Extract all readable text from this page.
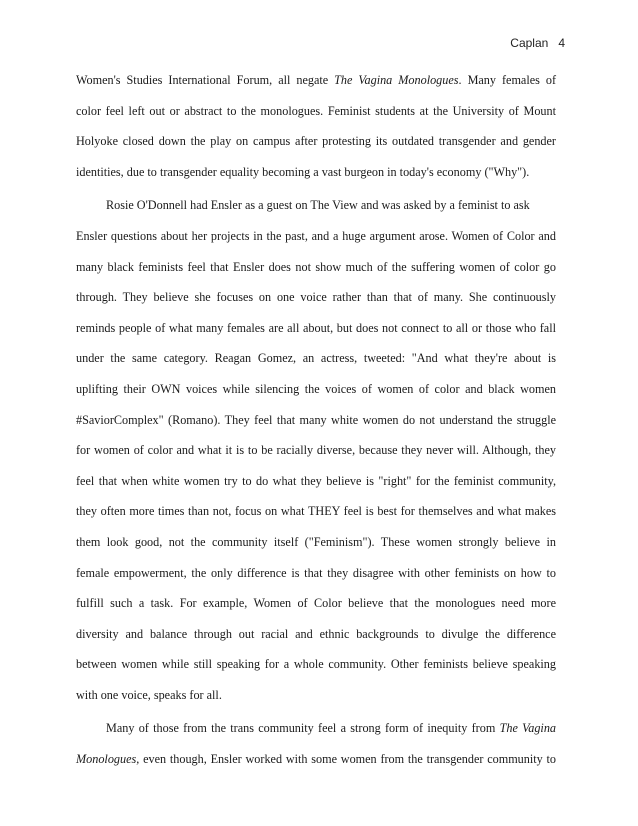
Caplan 4
Women's Studies International Forum, all negate The Vagina Monologues. Many females of
color feel left out or abstract to the monologues. Feminist students at the University of Mount
Holyoke closed down the play on campus after protesting its outdated transgender and gender
identities, due to transgender equality becoming a vast burgeon in today's economy ("Why").
Rosie O'Donnell had Ensler as a guest on The View and was asked by a feminist to ask
Ensler questions about her projects in the past, and a huge argument arose. Women of Color and
many black feminists feel that Ensler does not show much of the suffering women of color go
through. They believe she focuses on one voice rather than that of many. She continuously
reminds people of what many females are all about, but does not connect to all or those who fall
under the same category. Reagan Gomez, an actress, tweeted: "And what they're about is
uplifting their OWN voices while silencing the voices of women of color and black women
#SaviorComplex" (Romano). They feel that many white women do not understand the struggle
for women of color and what it is to be racially diverse, because they never will. Although, they
feel that when white women try to do what they believe is "right" for the feminist community,
they often more times than not, focus on what THEY feel is best for themselves and what makes
them look good, not the community itself ("Feminism"). These women strongly believe in
female empowerment, the only difference is that they disagree with other feminists on how to
fulfill such a task. For example, Women of Color believe that the monologues need more
diversity and balance through out racial and ethnic backgrounds to divulge the difference
between women while still speaking for a whole community. Other feminists believe speaking
with one voice, speaks for all.
Many of those from the trans community feel a strong form of inequity from The Vagina
Monologues, even though, Ensler worked with some women from the transgender community to
